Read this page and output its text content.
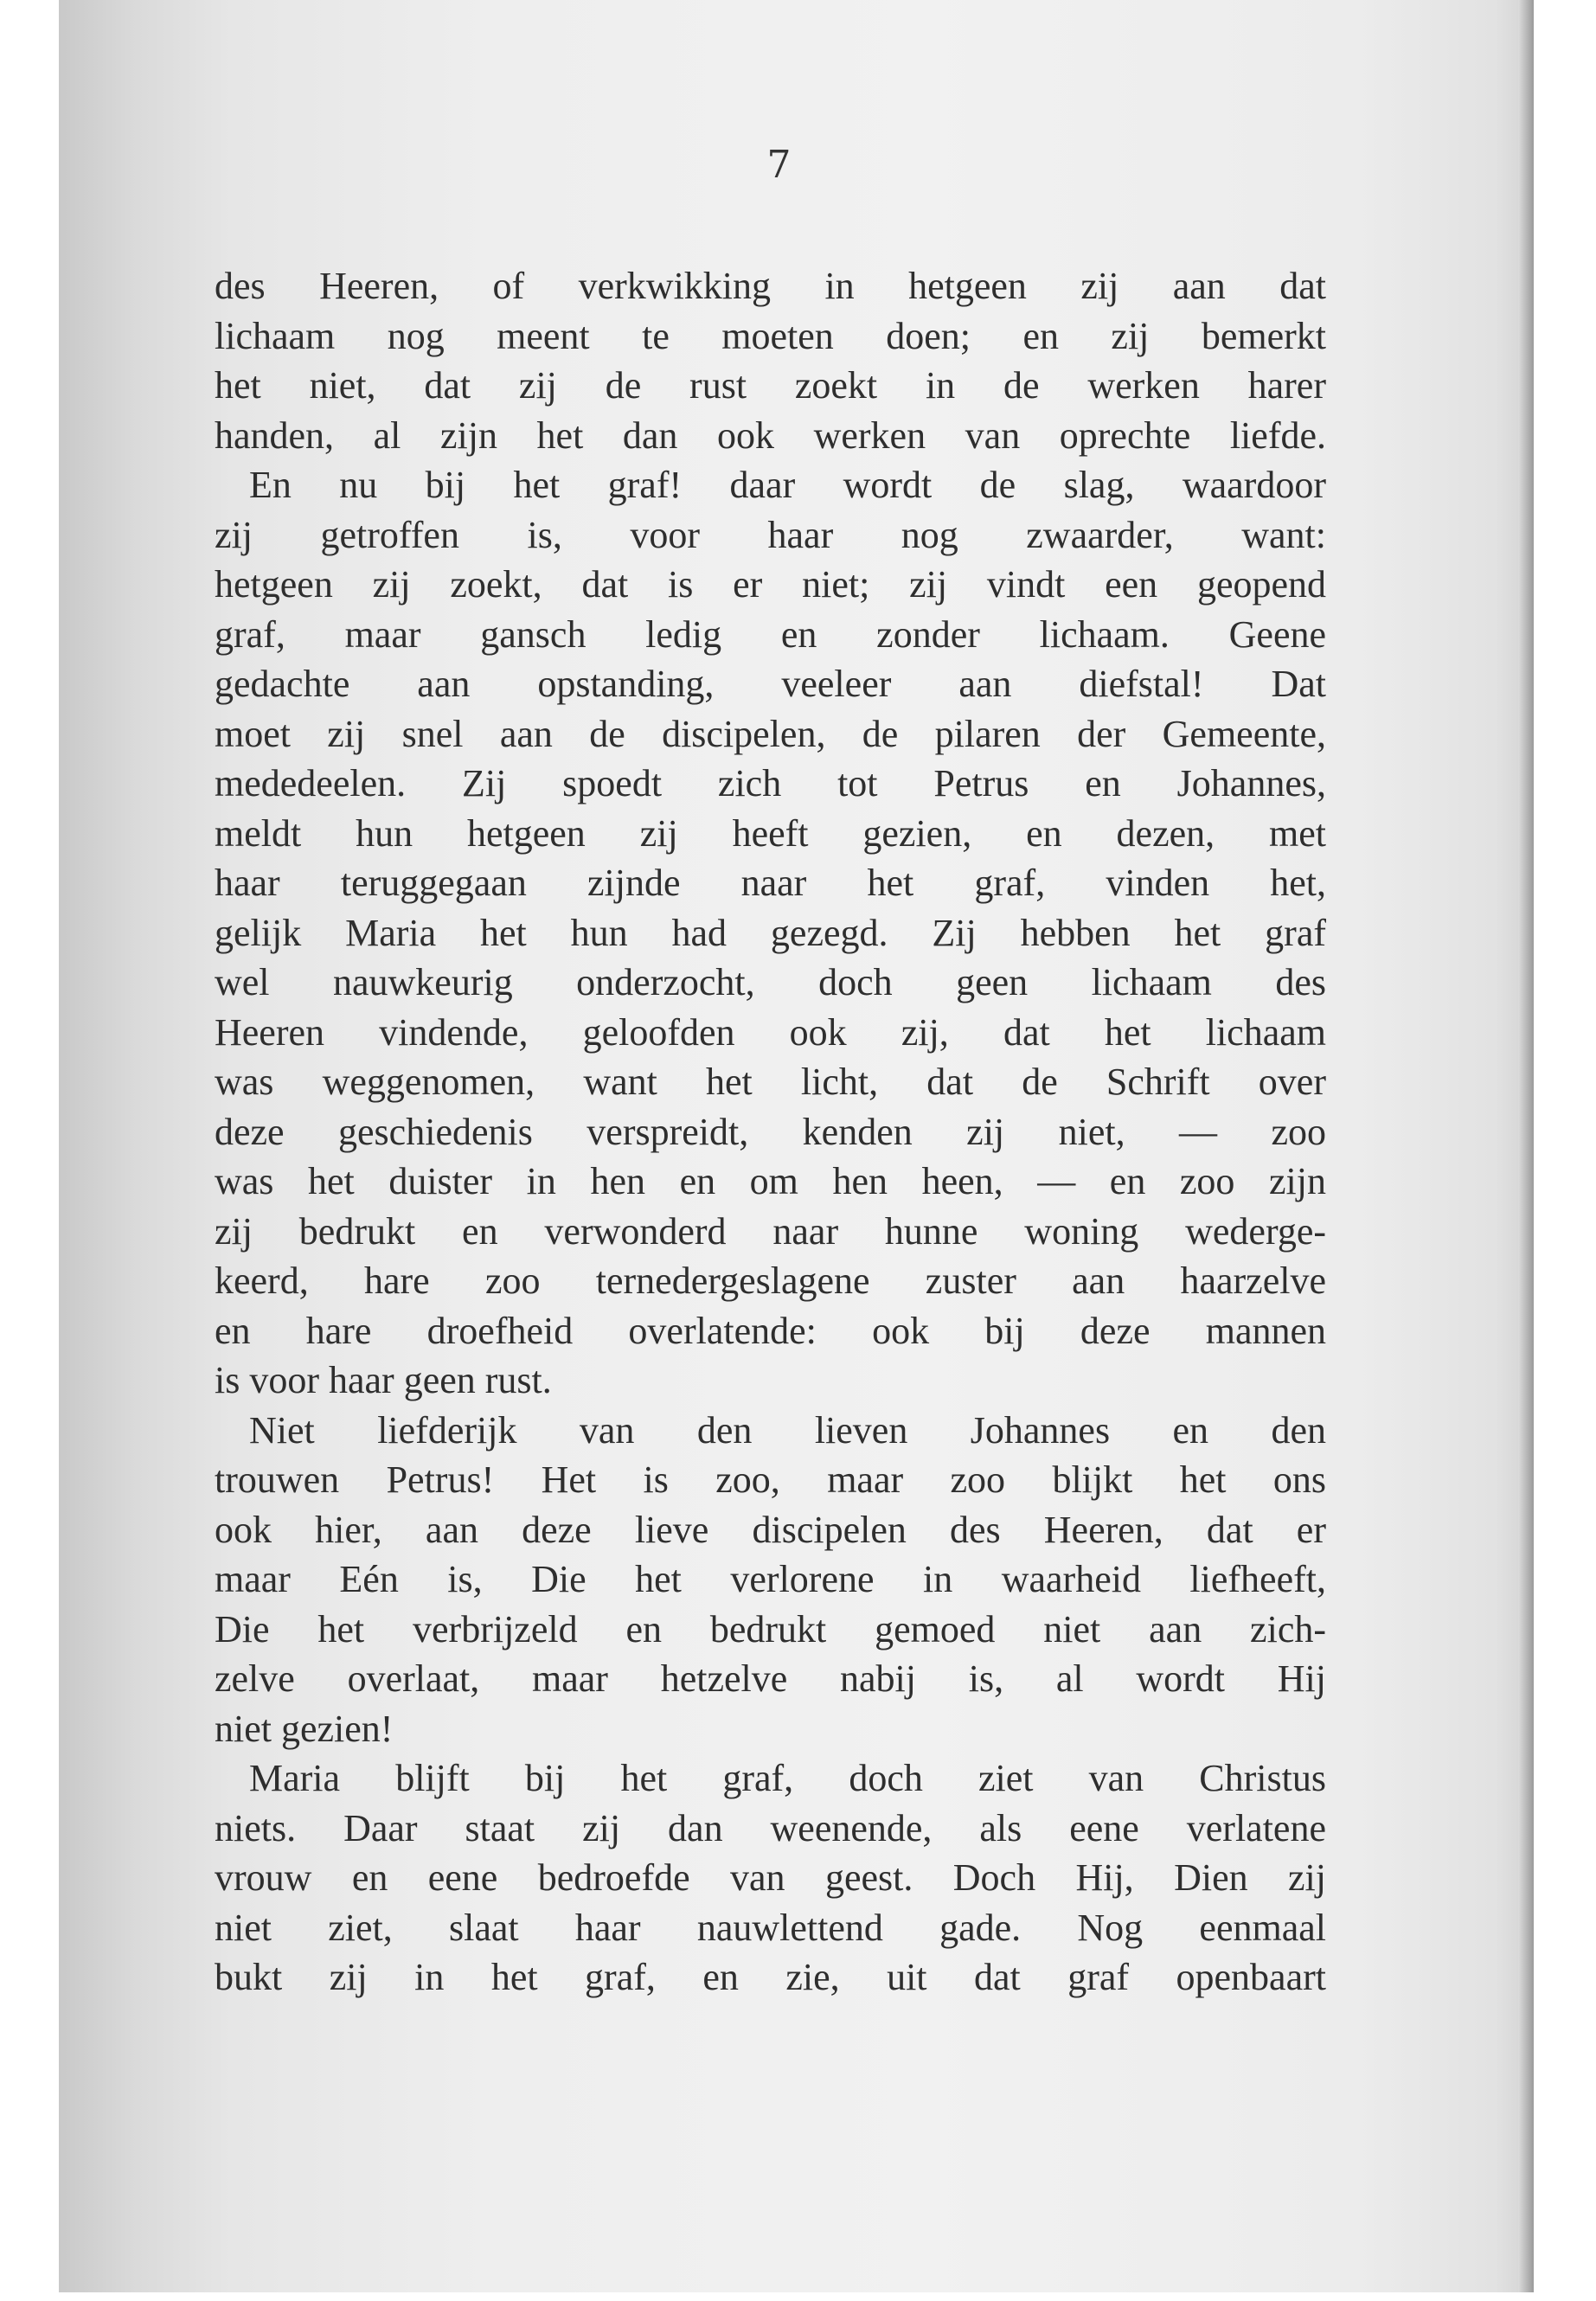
7
des Heeren, of verkwikking in hetgeen zij aan dat
lichaam nog meent te moeten doen; en zij bemerkt
het niet, dat zij de rust zoekt in de werken harer
handen, al zijn het dan ook werken van oprechte liefde.
En nu bij het graf! daar wordt de slag, waardoor
zij getroffen is, voor haar nog zwaarder, want:
hetgeen zij zoekt, dat is er niet; zij vindt een geopend
graf, maar gansch ledig en zonder lichaam. Geene
gedachte aan opstanding, veeleer aan diefstal! Dat
moet zij snel aan de discipelen, de pilaren der Gemeente,
mededeelen. Zij spoedt zich tot Petrus en Johannes,
meldt hun hetgeen zij heeft gezien, en dezen, met
haar teruggegaan zijnde naar het graf, vinden het,
gelijk Maria het hun had gezegd. Zij hebben het graf
wel nauwkeurig onderzocht, doch geen lichaam des
Heeren vindende, geloofden ook zij, dat het lichaam
was weggenomen, want het licht, dat de Schrift over
deze geschiedenis verspreidt, kenden zij niet, — zoo
was het duister in hen en om hen heen, — en zoo zijn
zij bedrukt en verwonderd naar hunne woning wederge-
keerd, hare zoo ternedergeslagene zuster aan haarzelve
en hare droefheid overlatende: ook bij deze mannen
is voor haar geen rust.
Niet liefderijk van den lieven Johannes en den
trouwen Petrus! Het is zoo, maar zoo blijkt het ons
ook hier, aan deze lieve discipelen des Heeren, dat er
maar Eén is, Die het verlorene in waarheid liefheeft,
Die het verbrijzeld en bedrukt gemoed niet aan zich-
zelve overlaat, maar hetzelve nabij is, al wordt Hij
niet gezien!
Maria blijft bij het graf, doch ziet van Christus
niets. Daar staat zij dan weenende, als eene verlatene
vrouw en eene bedroefde van geest. Doch Hij, Dien zij
niet ziet, slaat haar nauwlettend gade. Nog eenmaal
bukt zij in het graf, en zie, uit dat graf openbaart
